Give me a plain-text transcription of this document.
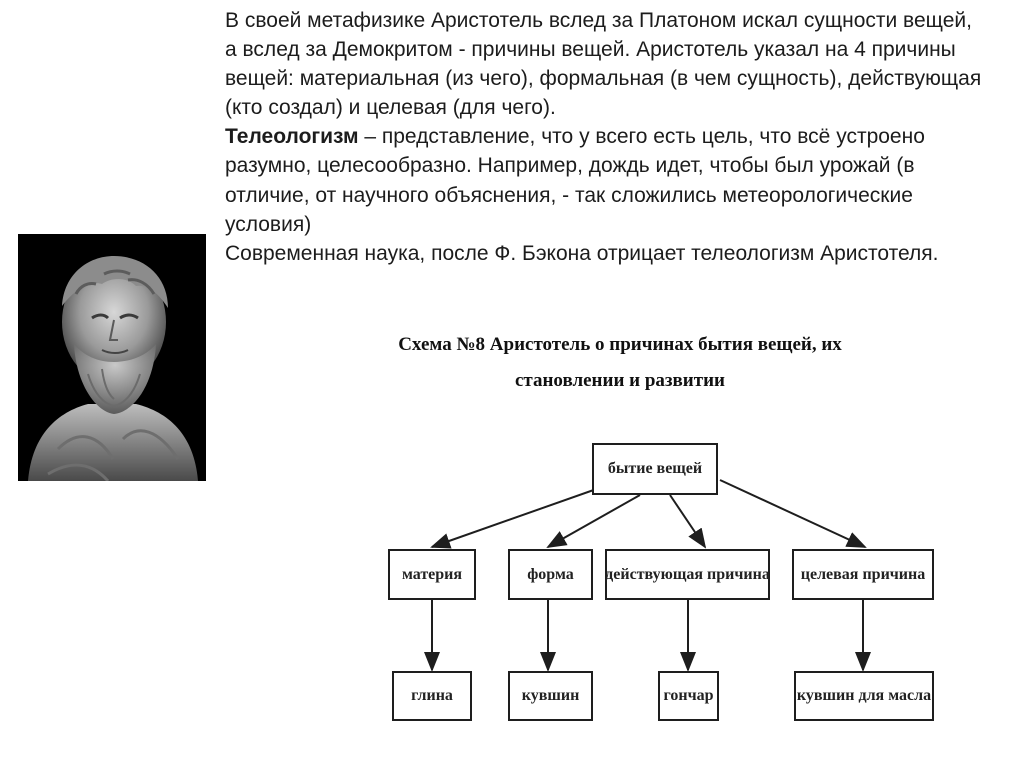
В своей метафизике Аристотель вслед за Платоном искал сущности вещей, а вслед за Демокритом - причины вещей. Аристотель указал на 4 причины вещей: материальная (из чего), формальная (в чем сущность), действующая (кто создал) и целевая (для чего).

Телеологизм – представление, что у всего есть цель, что всё устроено разумно, целесообразно. Например, дождь идет, чтобы был урожай (в отличие, от научного объяснения, - так сложились метеорологические условия)

Современная наука, после Ф. Бэкона отрицает телеологизм Аристотеля.

Схема №8 Аристотель о причинах бытия вещей, их
становлении и развитии
бытие вещей
материя	форма	действующая причина	целевая причина
глина	кувшин	гончар	кувшин для масла
